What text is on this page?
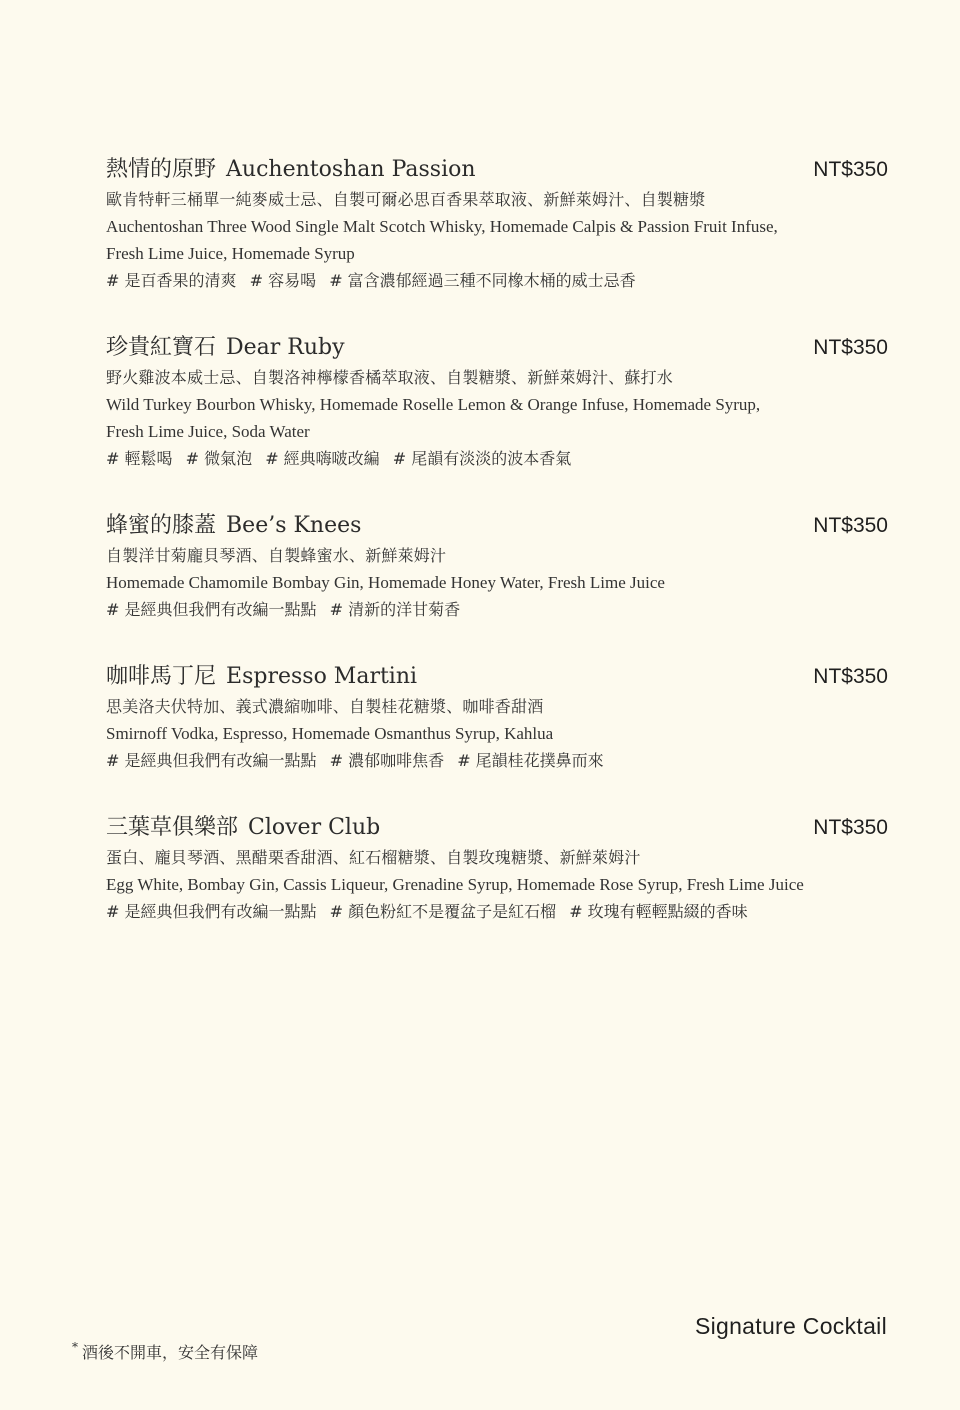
熱情的原野 Auchentoshan Passion	NT$350
歐肯特軒三桶單一純麥威士忌、自製可爾必思百香果萃取液、新鮮萊姆汁、自製糖漿
Auchentoshan Three Wood Single Malt Scotch Whisky, Homemade Calpis & Passion Fruit Infuse,
Fresh Lime Juice, Homemade Syrup
# 是百香果的清爽 # 容易喝 # 富含濃郁經過三種不同橡木桶的威士忌香
珍貴紅寶石 Dear Ruby	NT$350
野火雞波本威士忌、自製洛神檸檬香橘萃取液、自製糖漿、新鮮萊姆汁、蘇打水
Wild Turkey Bourbon Whisky, Homemade Roselle Lemon & Orange Infuse, Homemade Syrup,
Fresh Lime Juice, Soda Water
# 輕鬆喝 # 微氣泡 # 經典嗨啵改編 # 尾韻有淡淡的波本香氣
蜂蜜的膝蓋 Bee’s Knees	NT$350
自製洋甘菊龐貝琴酒、自製蜂蜜水、新鮮萊姆汁
Homemade Chamomile Bombay Gin, Homemade Honey Water, Fresh Lime Juice
# 是經典但我們有改編一點點 # 清新的洋甘菊香
咖啡馬丁尼 Espresso Martini	NT$350
思美洛夫伏特加、義式濃縮咖啡、自製桂花糖漿、咖啡香甜酒
Smirnoff Vodka, Espresso, Homemade Osmanthus Syrup, Kahlua
# 是經典但我們有改編一點點 # 濃郁咖啡焦香 # 尾韻桂花撲鼻而來
三葉草俱樂部 Clover Club	NT$350
蛋白、龐貝琴酒、黑醋栗香甜酒、紅石榴糖漿、自製玫瑰糖漿、新鮮萊姆汁
Egg White, Bombay Gin, Cassis Liqueur, Grenadine Syrup, Homemade Rose Syrup, Fresh Lime Juice
# 是經典但我們有改編一點點 # 顏色粉紅不是覆盆子是紅石榴 # 玫瑰有輕輕點綴的香味
* 酒後不開車，安全有保障
Signature Cocktail
